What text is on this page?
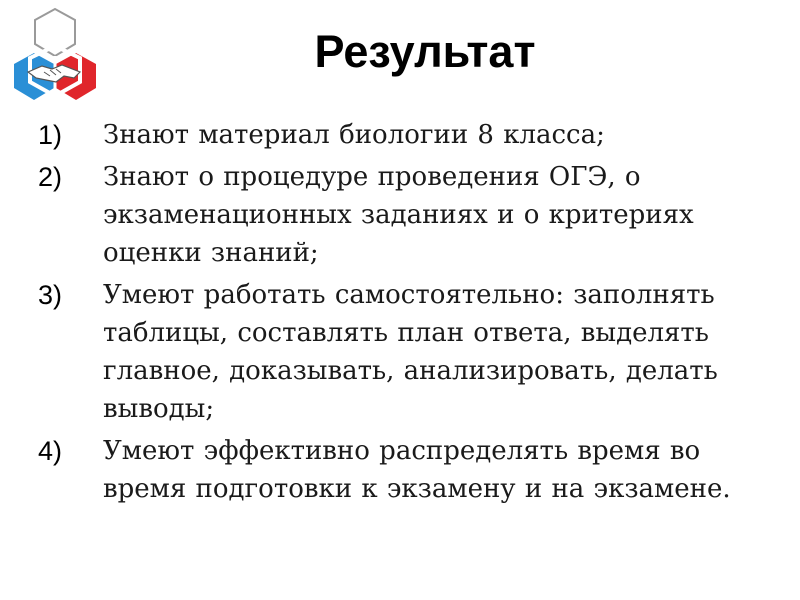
Результат
1) Знают материал биологии 8 класса;
2) Знают о процедуре проведения ОГЭ, о экзаменационных заданиях и о критериях оценки знаний;
3) Умеют работать самостоятельно: заполнять таблицы, составлять план ответа, выделять главное, доказывать, анализировать, делать выводы;
4) Умеют эффективно распределять время во время подготовки к экзамену и на экзамене.
